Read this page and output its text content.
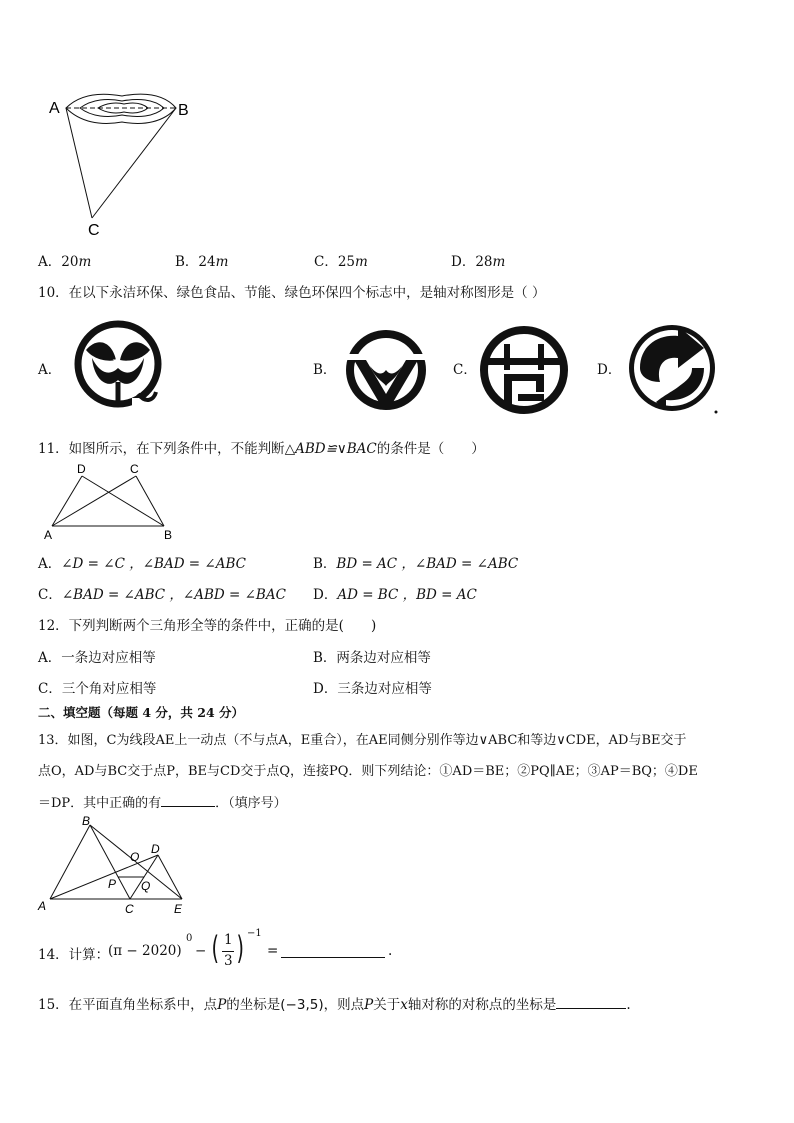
A	B
C
A．20m	B．24m	C．25m	D．28m
10．在以下永洁环保、绿色食品、节能、绿色环保四个标志中，是轴对称图形是（ ）
A．
★
B．	C．	D．
11．如图所示，在下列条件中，不能判断△ABD≌∨BAC的条件是（　　）
D	C
A	B
A．∠D = ∠C ，∠BAD = ∠ABC	B．BD = AC ，∠BAD = ∠ABC
C．∠BAD = ∠ABC ，∠ABD = ∠BAC D．AD = BC ，BD = AC
12．下列判断两个三角形全等的条件中，正确的是(　　)
A．一条边对应相等	B．两条边对应相等
C．三个角对应相等	D．三条边对应相等
二、填空题（每题 4 分，共 24 分）
13．如图，C为线段AE上一动点（不与点A，E重合），在AE同侧分别作等边∨ABC和等边∨CDE，AD与BE交于
点O，AD与BC交于点P，BE与CD交于点Q，连接PQ．则下列结论：①AD＝BE；②PQ∥AE；③AP＝BQ；④DE
＝DP．其中正确的有	．（填序号）
B
O
D
P Q
A	C	E
14．计算：
(π − 2020)
0
− ( 1
3 ) −1
=	.
15．在平面直角坐标系中，点P的坐标是(−3,5)，则点P关于x轴对称的对称点的坐标是	.
